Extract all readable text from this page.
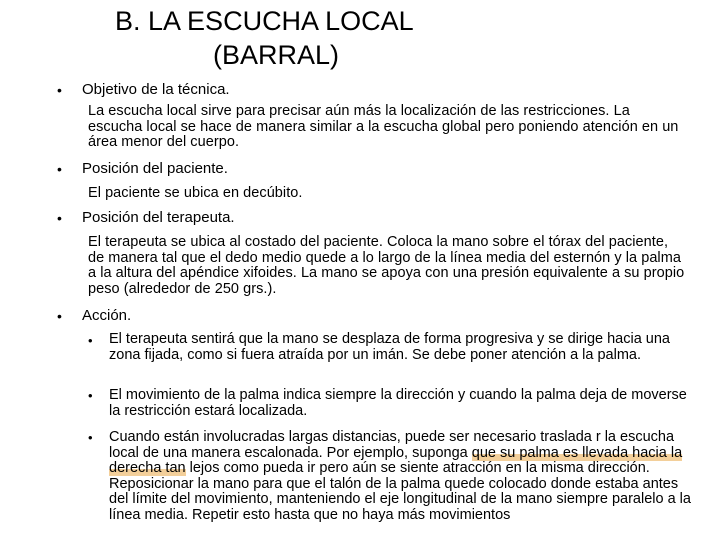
B. LA ESCUCHA LOCAL
(BARRAL)
• Objetivo de la técnica.
La escucha local sirve para precisar aún más la localización de las restricciones. La escucha local se hace de manera similar a la escucha global pero poniendo atención en un área menor del cuerpo.
• Posición del paciente.
El paciente se ubica en decúbito.
• Posición del terapeuta.
El terapeuta se ubica al costado del paciente. Coloca la mano sobre el tórax del paciente, de manera tal que el dedo medio quede a lo largo de la línea media del esternón y la palma a la altura del apéndice xifoides. La mano se apoya con una presión equivalente a su propio peso (alrededor de 250 grs.).
• Acción.
• El terapeuta sentirá que la mano se desplaza de forma progresiva y se dirige hacia una zona fijada, como si fuera atraída por un imán. Se debe poner atención a la palma.
• El movimiento de la palma indica siempre la dirección y cuando la palma deja de moverse la restricción estará localizada.
• Cuando están involucradas largas distancias, puede ser necesario traslada r la escucha local de una manera escalonada. Por ejemplo, suponga que su palma es llevada hacia la derecha tan lejos como pueda ir pero aún se siente atracción en la misma dirección. Reposicionar la mano para que el talón de la palma quede colocado donde estaba antes del límite del movimiento, manteniendo el eje longitudinal de la mano siempre paralelo a la línea media. Repetir esto hasta que no haya más movimientos
